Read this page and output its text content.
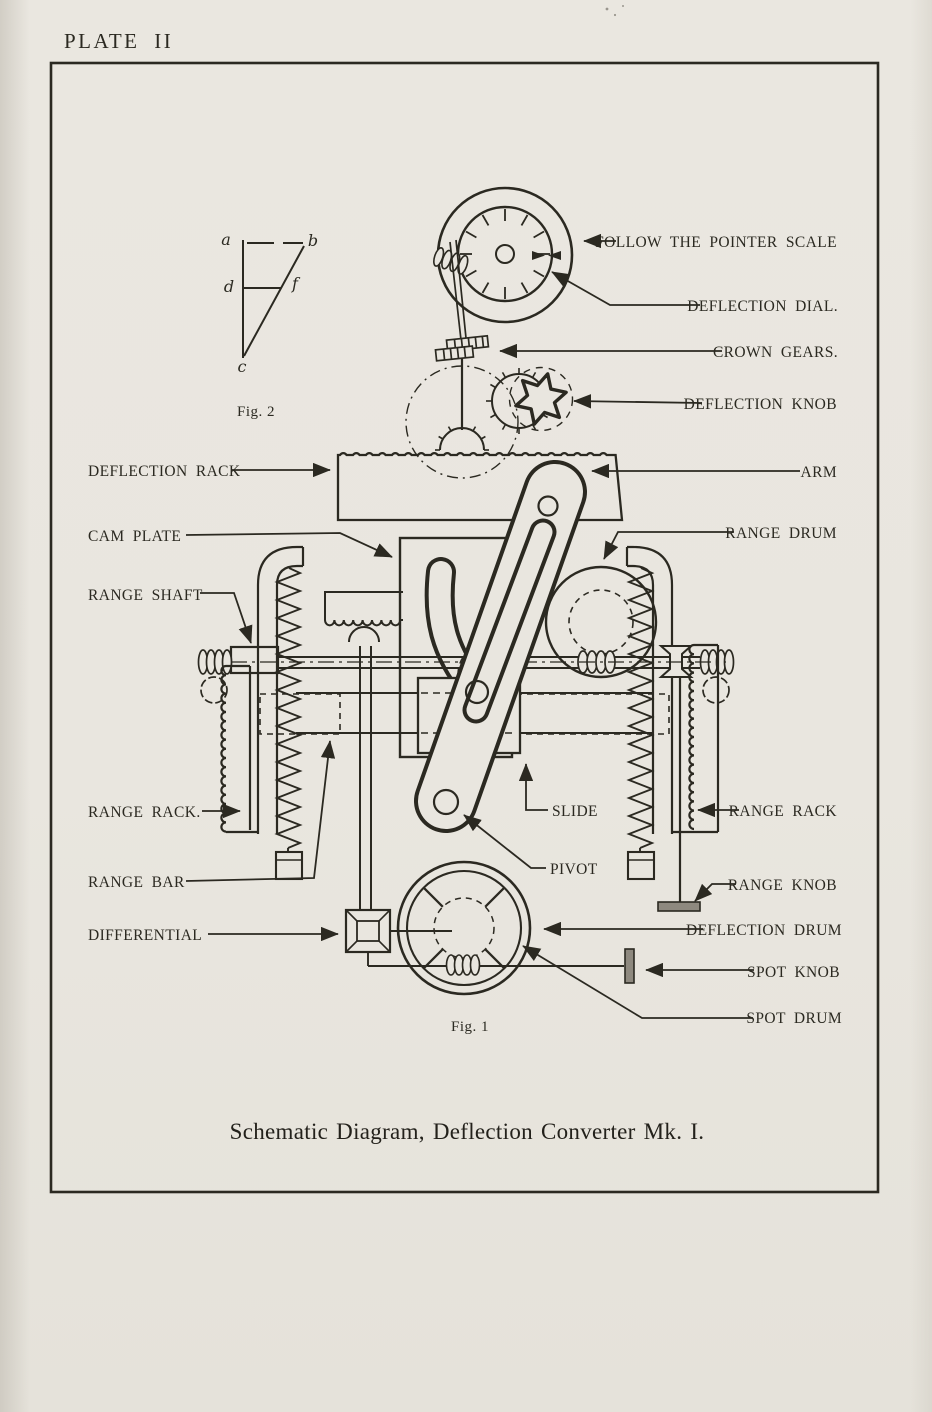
PLATE II
a	b
d	f
c
Fig. 2
FOLLOW THE POINTER SCALE
DEFLECTION DIAL.
CROWN GEARS.
DEFLECTION KNOB
DEFLECTION RACK	ARM
CAM PLATE	RANGE DRUM
RANGE SHAFT
RANGE RACK.	SLIDE	RANGE RACK
PIVOT
RANGE BAR	RANGE KNOB
DIFFERENTIAL	DEFLECTION DRUM
SPOT KNOB
SPOT DRUM
Fig. 1
Schematic Diagram, Deflection Converter Mk. I.
